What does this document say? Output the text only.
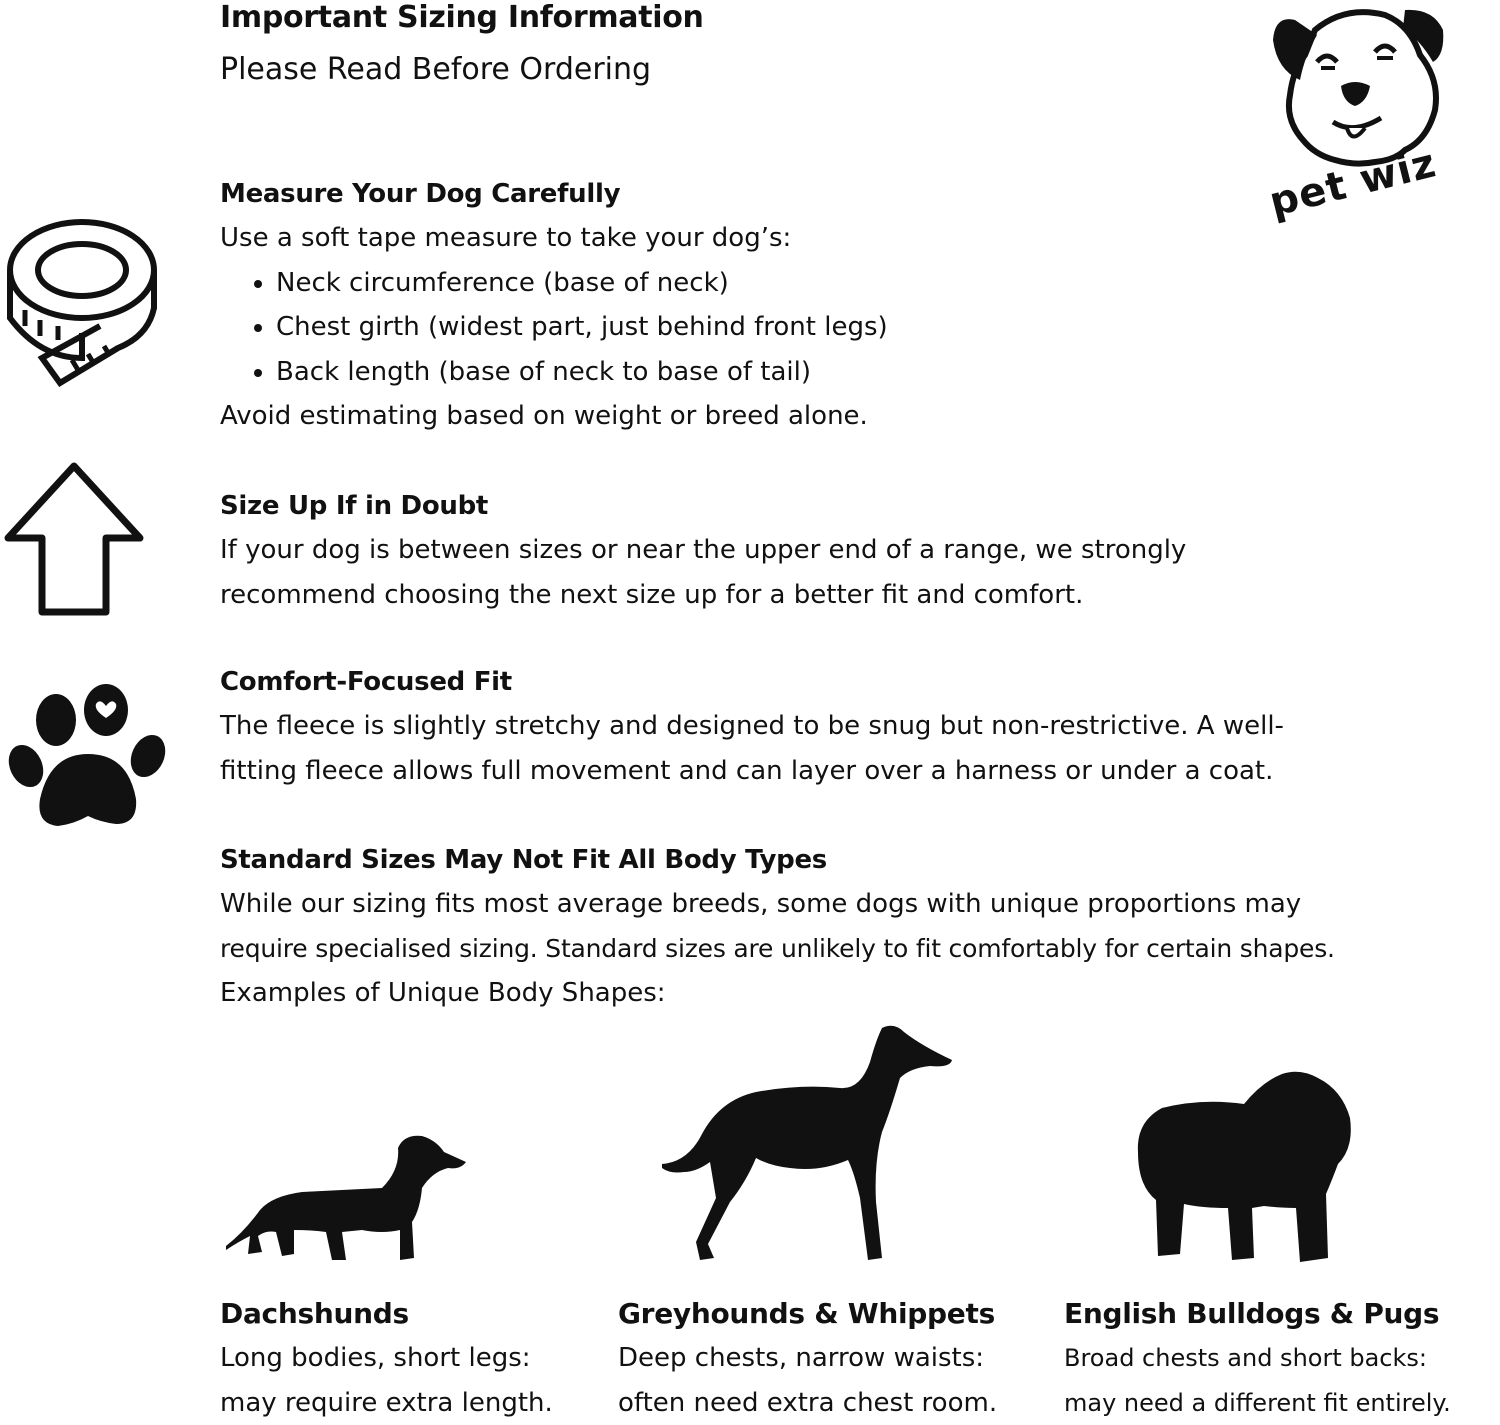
Important Sizing Information
Please Read Before Ordering
pet wiz
Measure Your Dog Carefully
Use a soft tape measure to take your dog’s:
• Neck circumference (base of neck)
• Chest girth (widest part, just behind front legs)
• Back length (base of neck to base of tail)
Avoid estimating based on weight or breed alone.
Size Up If in Doubt
If your dog is between sizes or near the upper end of a range, we strongly
recommend choosing the next size up for a better fit and comfort.
Comfort-Focused Fit
The fleece is slightly stretchy and designed to be snug but non-restrictive. A well-
fitting fleece allows full movement and can layer over a harness or under a coat.
Standard Sizes May Not Fit All Body Types
While our sizing fits most average breeds, some dogs with unique proportions may
require specialised sizing. Standard sizes are unlikely to fit comfortably for certain shapes.
Examples of Unique Body Shapes:
Dachshunds
Long bodies, short legs:
may require extra length.
Greyhounds & Whippets
Deep chests, narrow waists:
often need extra chest room.
English Bulldogs & Pugs
Broad chests and short backs:
may need a different fit entirely.
